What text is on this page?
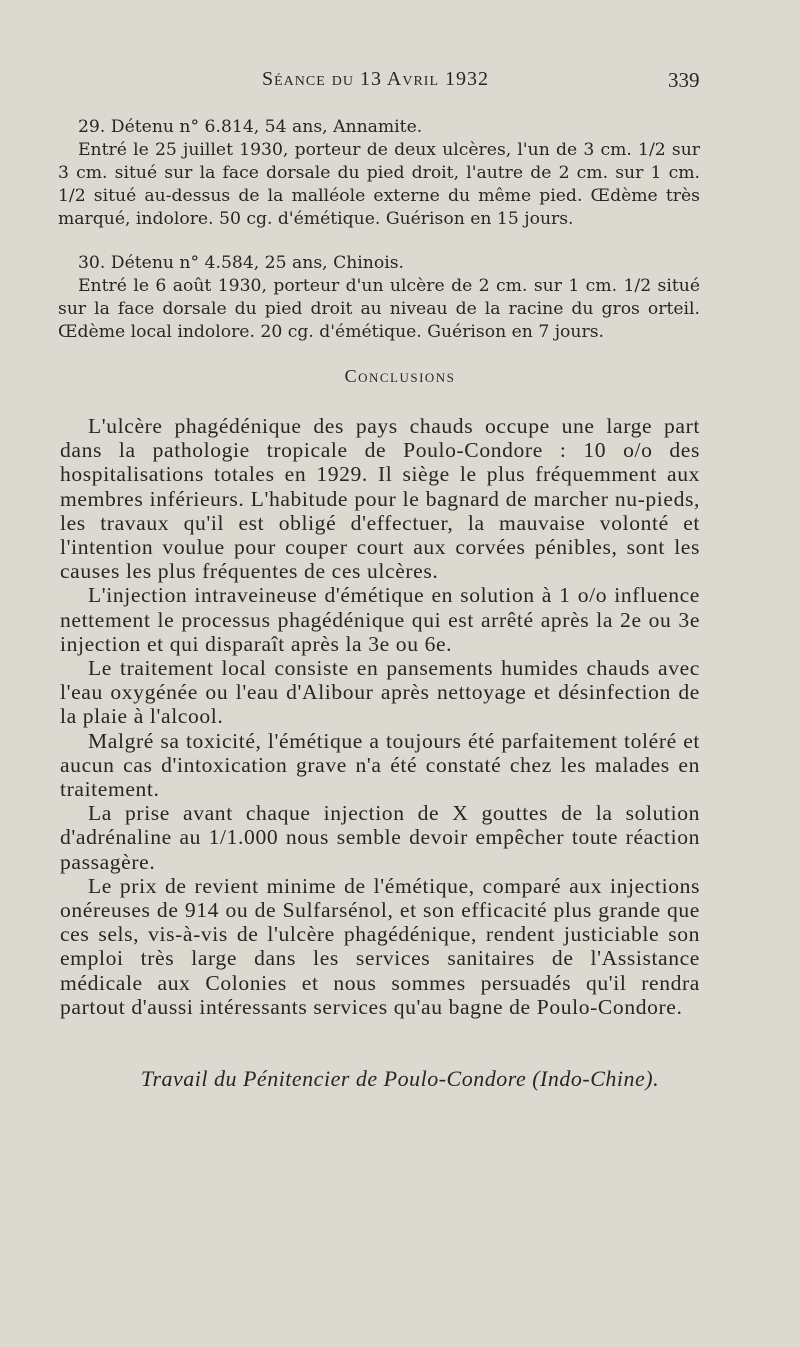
Séance du 13 Avril 1932	339

29. Détenu n° 6.814, 54 ans, Annamite.

Entré le 25 juillet 1930, porteur de deux ulcères, l'un de 3 cm. 1/2 sur 3 cm. situé sur la face dorsale du pied droit, l'autre de 2 cm. sur 1 cm. 1/2 situé au-dessus de la malléole externe du même pied. Œdème très marqué, indolore. 50 cg. d'émétique. Guérison en 15 jours.

30. Détenu n° 4.584, 25 ans, Chinois.

Entré le 6 août 1930, porteur d'un ulcère de 2 cm. sur 1 cm. 1/2 situé sur la face dorsale du pied droit au niveau de la racine du gros orteil. Œdème local indolore. 20 cg. d'émétique. Guérison en 7 jours.

Conclusions

L'ulcère phagédénique des pays chauds occupe une large part dans la pathologie tropicale de Poulo-Condore : 10 o/o des hospitalisations totales en 1929. Il siège le plus fréquemment aux membres inférieurs. L'habitude pour le bagnard de marcher nu-pieds, les travaux qu'il est obligé d'effectuer, la mauvaise volonté et l'intention voulue pour couper court aux corvées pénibles, sont les causes les plus fréquentes de ces ulcères.

L'injection intraveineuse d'émétique en solution à 1 o/o influence nettement le processus phagédénique qui est arrêté après la 2e ou 3e injection et qui disparaît après la 3e ou 6e.

Le traitement local consiste en pansements humides chauds avec l'eau oxygénée ou l'eau d'Alibour après nettoyage et désinfection de la plaie à l'alcool.

Malgré sa toxicité, l'émétique a toujours été parfaitement toléré et aucun cas d'intoxication grave n'a été constaté chez les malades en traitement.

La prise avant chaque injection de X gouttes de la solution d'adrénaline au 1/1.000 nous semble devoir empêcher toute réaction passagère.

Le prix de revient minime de l'émétique, comparé aux injections onéreuses de 914 ou de Sulfarsénol, et son efficacité plus grande que ces sels, vis-à-vis de l'ulcère phagédénique, rendent justiciable son emploi très large dans les services sanitaires de l'Assistance médicale aux Colonies et nous sommes persuadés qu'il rendra partout d'aussi intéressants services qu'au bagne de Poulo-Condore.

Travail du Pénitencier de Poulo-Condore (Indo-Chine).
